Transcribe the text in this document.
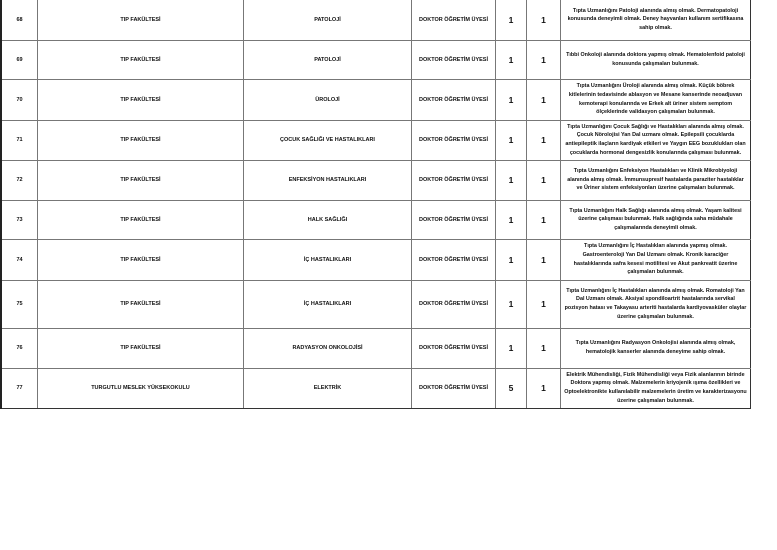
68	TIP FAKÜLTESİ	PATOLOJİ	DOKTOR ÖĞRETİM ÜYESİ	1	1	Tıpta Uzmanlığını Patoloji alanında almış olmak. Dermatopatoloji konusunda deneyimli olmak. Deney hayvanları kullanım sertifikasına sahip olmak.
69	TIP FAKÜLTESİ	PATOLOJİ	DOKTOR ÖĞRETİM ÜYESİ	1	1	Tıbbi Onkoloji alanında doktora yapmış olmak. Hematolenfoid patoloji konusunda çalışmaları bulunmak.
70	TIP FAKÜLTESİ	ÜROLOJİ	DOKTOR ÖĞRETİM ÜYESİ	1	1	Tıpta Uzmanlığını Üroloji alanında almış olmak. Küçük böbrek kitlelerinin tedavisinde ablasyon ve Mesane kanserinde neoadjuvan kemoterapi konularında ve Erkek alt üriner sistem semptom ölçeklerinde validasyon çalışmaları bulunmak.
71	TIP FAKÜLTESİ	ÇOCUK SAĞLIĞI VE HASTALIKLARI	DOKTOR ÖĞRETİM ÜYESİ	1	1	Tıpta Uzmanlığını Çocuk Sağlığı ve Hastalıkları alanında almış olmak. Çocuk Nörolojisi Yan Dal uzmanı olmak. Epilepsili çocuklarda antiepileptik ilaçların kardiyak etkileri ve Yaygın EEG bozuklukları olan çocuklarda hormonal dengesizlik konularında çalışması bulunmak.
72	TIP FAKÜLTESİ	ENFEKSİYON HASTALIKLARI	DOKTOR ÖĞRETİM ÜYESİ	1	1	Tıpta Uzmanlığını Enfeksiyon Hastalıkları ve Klinik Mikrobiyoloji alanında almış olmak. İmmunsupresif hastalarda paraziter hastalıklar ve Üriner sistem enfeksiyonları üzerine çalışmaları bulunmak.
73	TIP FAKÜLTESİ	HALK SAĞLIĞI	DOKTOR ÖĞRETİM ÜYESİ	1	1	Tıpta Uzmanlığını Halk Sağlığı alanında almış olmak. Yaşam kalitesi üzerine çalışması bulunmak. Halk sağlığında saha müdahale çalışmalarında deneyimli olmak.
74	TIP FAKÜLTESİ	İÇ HASTALIKLARI	DOKTOR ÖĞRETİM ÜYESİ	1	1	Tıpta Uzmanlığını İç Hastalıkları alanında yapmış olmak. Gastroenteroloji Yan Dal Uzmanı olmak. Kronik karaciğer hastalıklarında safra kesesi motilitesi ve Akut pankreatit üzerine çalışmaları bulunmak.
75	TIP FAKÜLTESİ	İÇ HASTALIKLARI	DOKTOR ÖĞRETİM ÜYESİ	1	1	Tıpta Uzmanlığını İç Hastalıkları alanında almış olmak. Romatoloji Yan Dal Uzmanı olmak. Aksiyal spondiloartrit hastalarında servikal pozisyon hatası ve Takayasu arteriti hastalarda kardiyovasküler olaylar üzerine çalışmaları bulunmak.
76	TIP FAKÜLTESİ	RADYASYON ONKOLOJİSİ	DOKTOR ÖĞRETİM ÜYESİ	1	1	Tıpta Uzmanlığını Radyasyon Onkolojisi alanında almış olmak, hematolojik kanserler alanında deneyime sahip olmak.
77	TURGUTLU MESLEK YÜKSEKOKULU	ELEKTRİK	DOKTOR ÖĞRETİM ÜYESİ	5	1	Elektrik Mühendisliği, Fizik Mühendisliği veya Fizik alanlarının birinde Doktora yapmış olmak. Malzemelerin kriyojenik ışıma özellikleri ve Optoelektronikte kullanılabilir malzemelerin üretim ve karakterizasyonu üzerine çalışmaları bulunmak.
